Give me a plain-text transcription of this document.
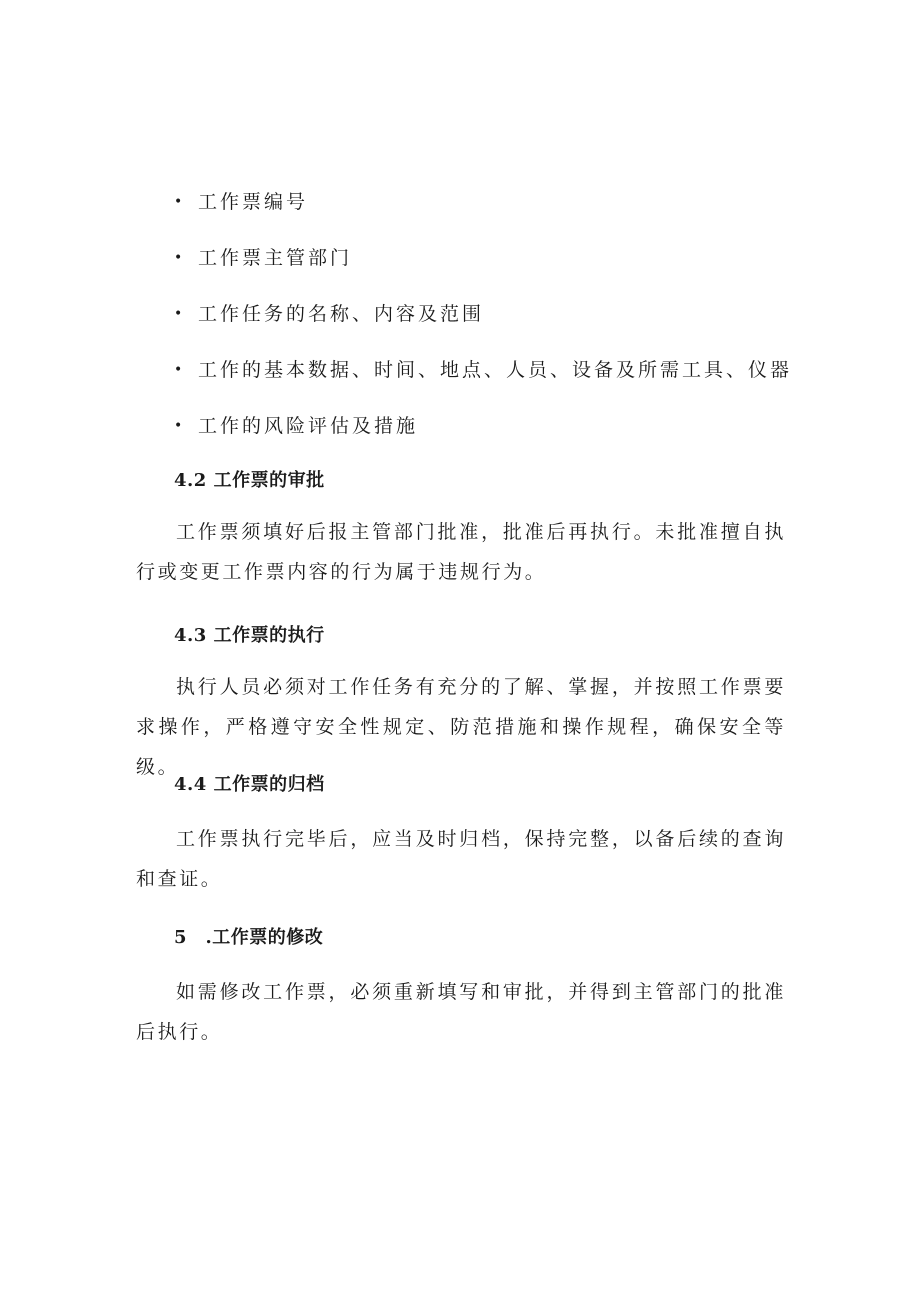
• 工作票编号
• 工作票主管部门
• 工作任务的名称、内容及范围
• 工作的基本数据、时间、地点、人员、设备及所需工具、仪器
• 工作的风险评估及措施
4.2 工作票的审批

工作票须填好后报主管部门批准，批准后再执行。未批准擅自执行或变更工作票内容的行为属于违规行为。

4.3 工作票的执行

执行人员必须对工作任务有充分的了解、掌握，并按照工作票要求操作，严格遵守安全性规定、防范措施和操作规程，确保安全等级。

4.4 工作票的归档

工作票执行完毕后，应当及时归档，保持完整，以备后续的查询和查证。

5　.工作票的修改

如需修改工作票，必须重新填写和审批，并得到主管部门的批准后执行。
